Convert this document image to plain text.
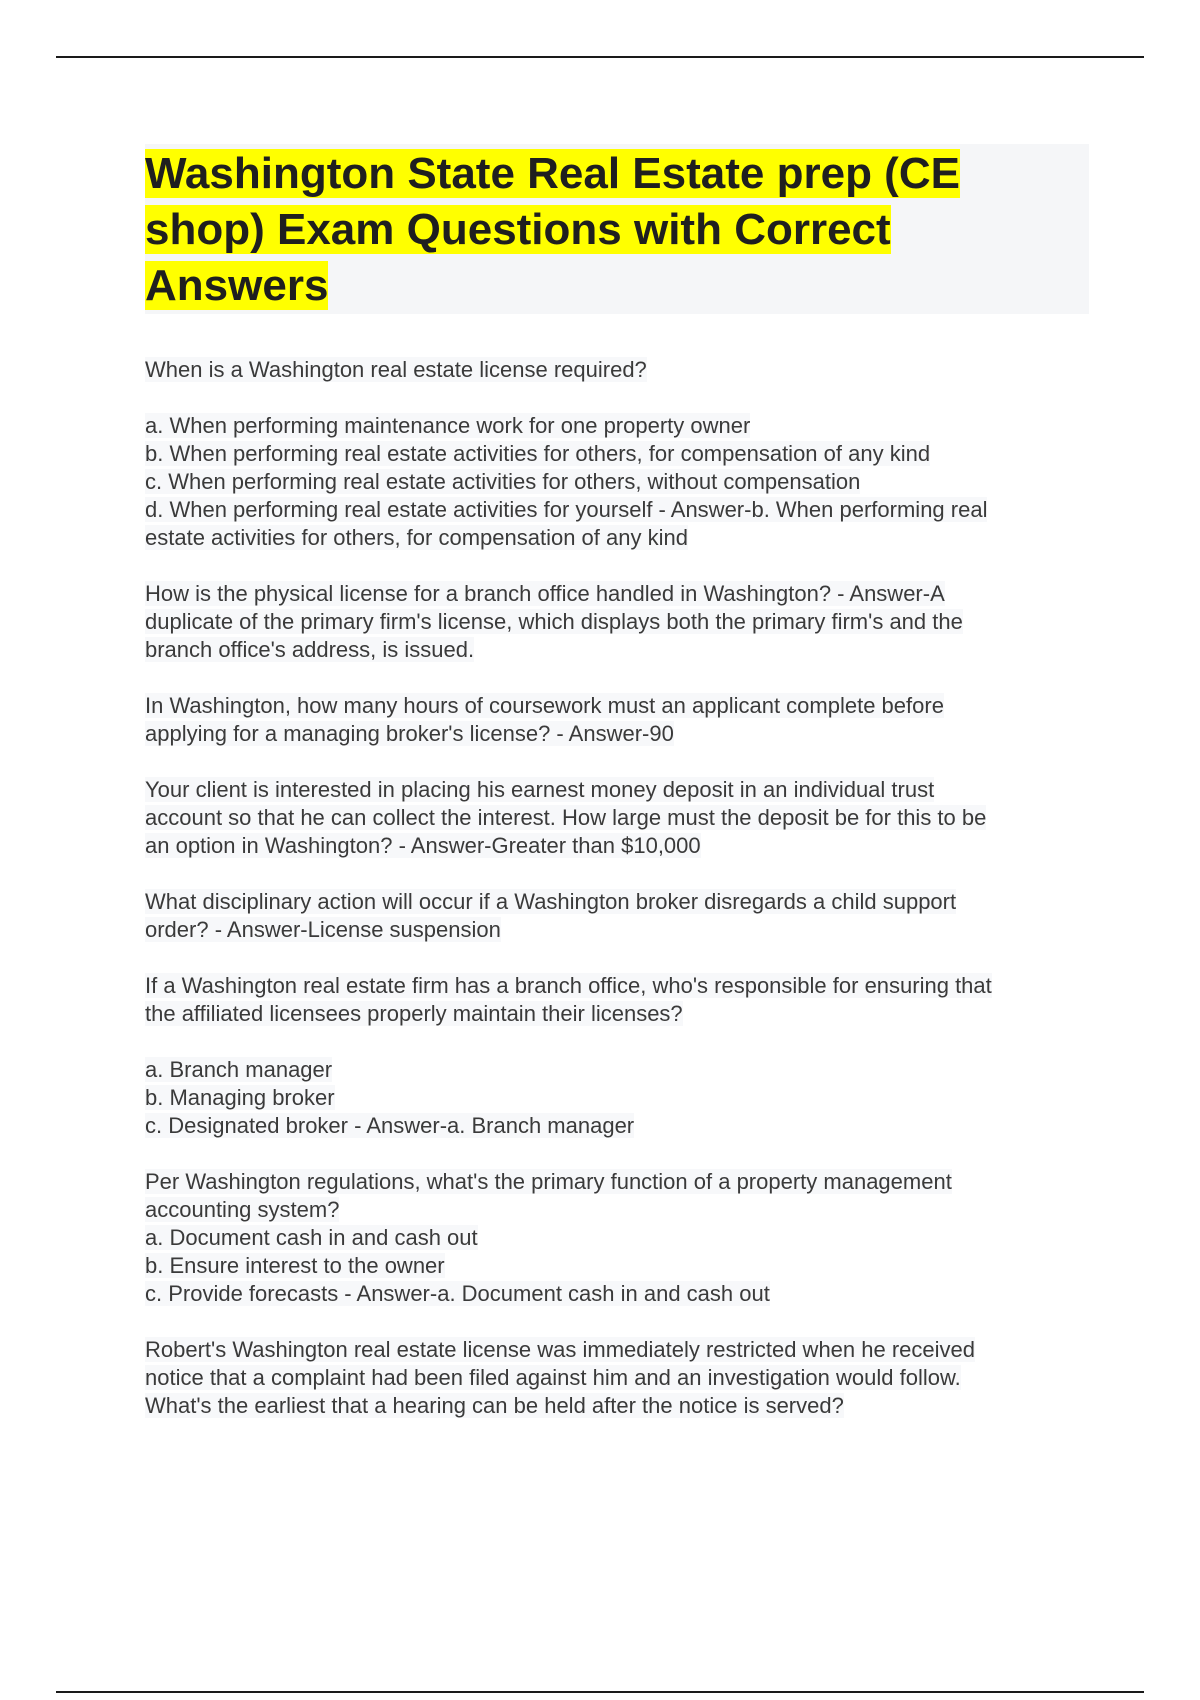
Washington State Real Estate prep (CE
shop) Exam Questions with Correct
Answers
When is a Washington real estate license required?
a. When performing maintenance work for one property owner
b. When performing real estate activities for others, for compensation of any kind
c. When performing real estate activities for others, without compensation
d. When performing real estate activities for yourself - Answer-b. When performing real
estate activities for others, for compensation of any kind
How is the physical license for a branch office handled in Washington? - Answer-A
duplicate of the primary firm's license, which displays both the primary firm's and the
branch office's address, is issued.
In Washington, how many hours of coursework must an applicant complete before
applying for a managing broker's license? - Answer-90
Your client is interested in placing his earnest money deposit in an individual trust
account so that he can collect the interest. How large must the deposit be for this to be
an option in Washington? - Answer-Greater than $10,000
What disciplinary action will occur if a Washington broker disregards a child support
order? - Answer-License suspension
If a Washington real estate firm has a branch office, who's responsible for ensuring that
the affiliated licensees properly maintain their licenses?
a. Branch manager
b. Managing broker
c. Designated broker - Answer-a. Branch manager
Per Washington regulations, what's the primary function of a property management
accounting system?
a. Document cash in and cash out
b. Ensure interest to the owner
c. Provide forecasts - Answer-a. Document cash in and cash out
Robert's Washington real estate license was immediately restricted when he received
notice that a complaint had been filed against him and an investigation would follow.
What's the earliest that a hearing can be held after the notice is served?
